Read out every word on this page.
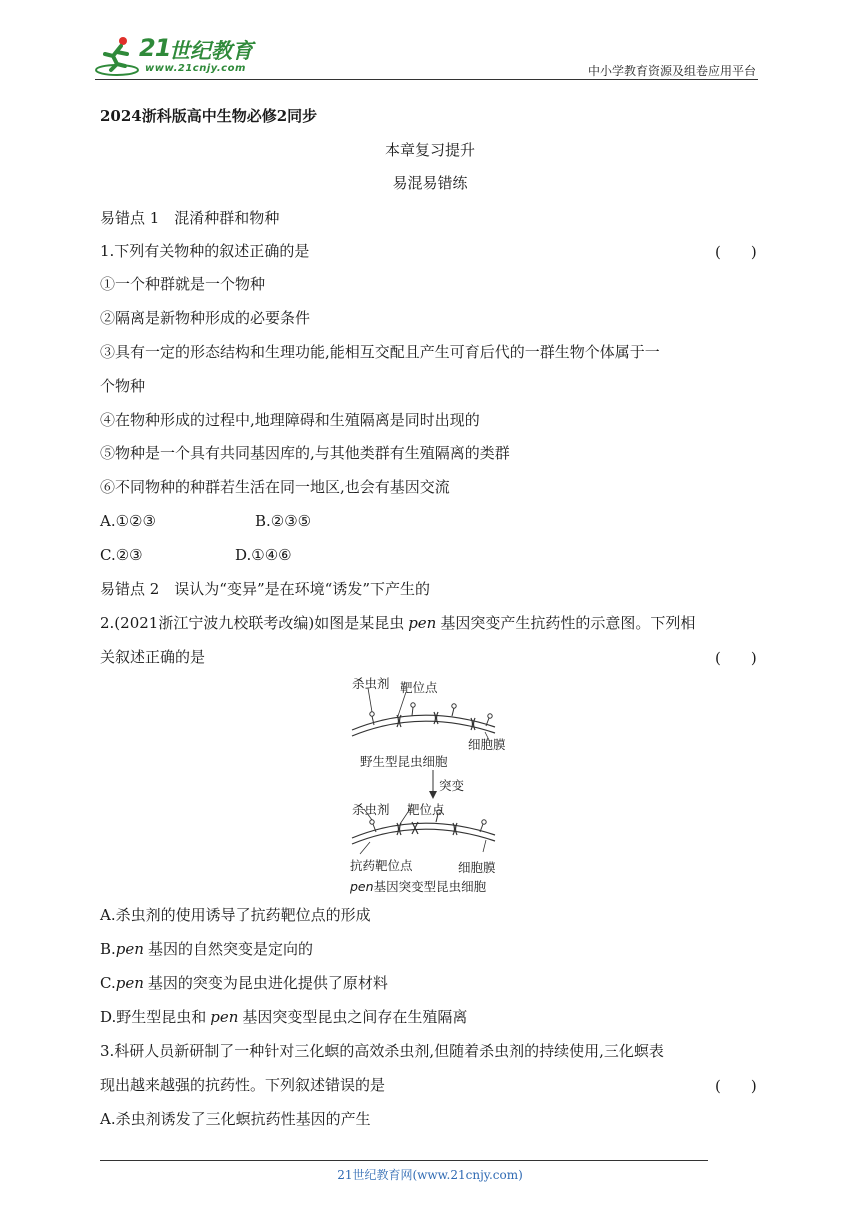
21
世纪教育
www.21cnjy.com	中小学教育资源及组卷应用平台
2024浙科版高中生物必修2同步
本章复习提升
易混易错练
易错点 1　混淆种群和物种
1.下列有关物种的叙述正确的是	(　　)
①一个种群就是一个物种
②隔离是新物种形成的必要条件
③具有一定的形态结构和生理功能,能相互交配且产生可育后代的一群生物个体属于一
个物种
④在物种形成的过程中,地理障碍和生殖隔离是同时出现的
⑤物种是一个具有共同基因库的,与其他类群有生殖隔离的类群
⑥不同物种的种群若生活在同一地区,也会有基因交流
A.①②③	B.②③⑤
C.②③	D.①④⑥
易错点 2　误认为“变异”是在环境“诱发”下产生的
2.(2021浙江宁波九校联考改编)如图是某昆虫 pen 基因突变产生抗药性的示意图。下列相
关叙述正确的是	(　　)
杀虫剂 靶位点
细胞膜
野生型昆虫细胞
突变
杀虫剂 靶位点
抗药靶位点	细胞膜
pen基因突变型昆虫细胞
A.杀虫剂的使用诱导了抗药靶位点的形成
B.pen 基因的自然突变是定向的
C.pen 基因的突变为昆虫进化提供了原材料
D.野生型昆虫和 pen 基因突变型昆虫之间存在生殖隔离
3.科研人员新研制了一种针对三化螟的高效杀虫剂,但随着杀虫剂的持续使用,三化螟表
现出越来越强的抗药性。下列叙述错误的是	(　　)
A.杀虫剂诱发了三化螟抗药性基因的产生
21世纪教育网(www.21cnjy.com)
